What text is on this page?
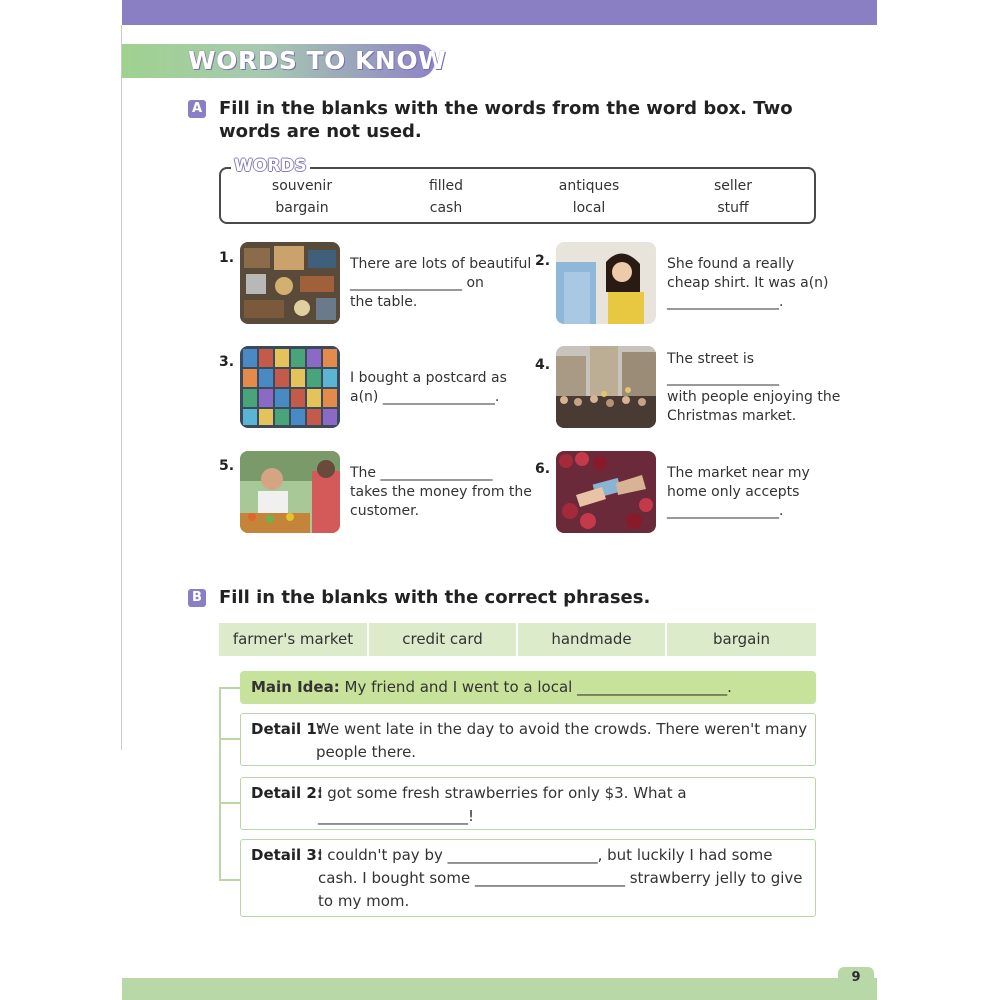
WORDS TO KNOW
A Fill in the blanks with the words from the word box. Two words are not used.
WORDS
souvenir	filled	antiques	seller
bargain	cash	local	stuff
1.	There are lots of beautiful
________________ on
the table.
2.	She found a really
cheap shirt. It was a(n)
________________.
3.
I bought a postcard as
a(n) ________________.
4.	The street is
________________
with people enjoying the
Christmas market.
5.	The ________________
takes the money from the
customer.
6.	The market near my
home only accepts
________________.
B Fill in the blanks with the correct phrases.
farmer's market	credit card	handmade	bargain
Main Idea: My friend and I went to a local ____________________.
Detail 1:
We went late in the day to avoid the crowds. There weren't many
people there.
Detail 2:
I got some fresh strawberries for only $3. What a
____________________!
Detail 3:
I couldn't pay by ____________________, but luckily I had some
cash. I bought some ____________________ strawberry jelly to give
to my mom.
9
